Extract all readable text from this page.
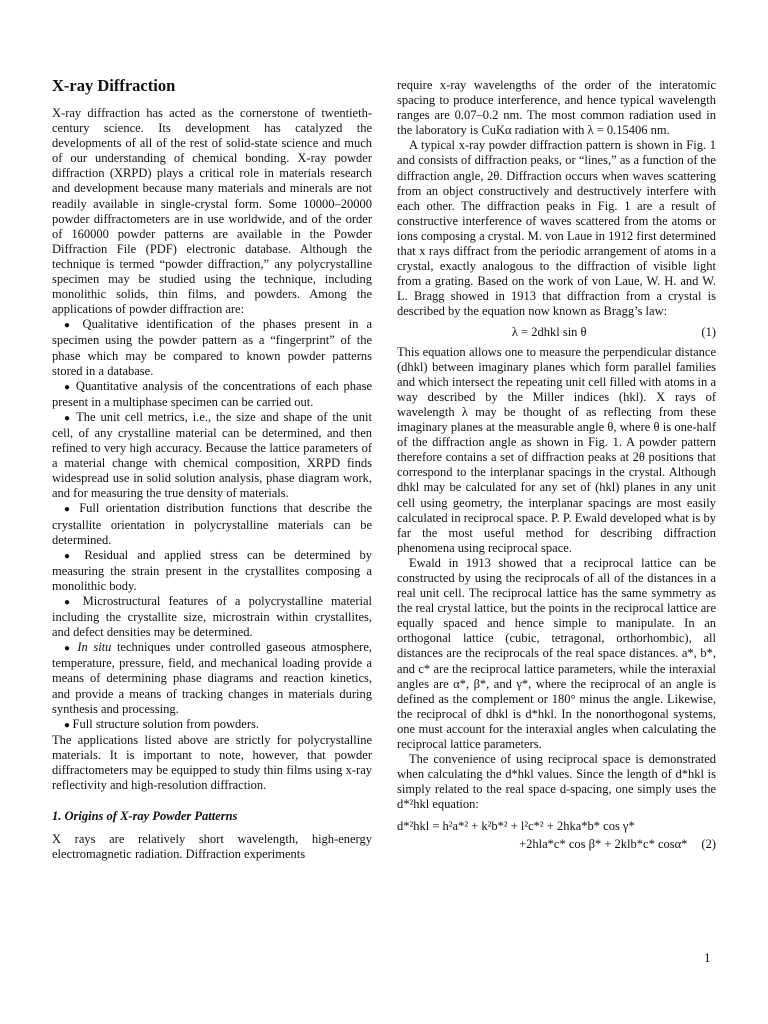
X-ray Diffraction

X-ray diffraction has acted as the cornerstone of twentieth-century science. Its development has catalyzed the developments of all of the rest of solid-state science and much of our understanding of chemical bonding. X-ray powder diffraction (XRPD) plays a critical role in materials research and development because many materials and minerals are not readily available in single-crystal form. Some 10000–20000 powder diffractometers are in use worldwide, and of the order of 160000 powder patterns are available in the Powder Diffraction File (PDF) electronic database. Although the technique is termed “powder diffraction,” any polycrystalline specimen may be studied using the technique, including monolithic solids, thin films, and powders. Among the applications of powder diffraction are:

● Qualitative identification of the phases present in a specimen using the powder pattern as a “fingerprint” of the phase which may be compared to known powder patterns stored in a database.

● Quantitative analysis of the concentrations of each phase present in a multiphase specimen can be carried out.

● The unit cell metrics, i.e., the size and shape of the unit cell, of any crystalline material can be determined, and then refined to very high accuracy. Because the lattice parameters of a material change with chemical composition, XRPD finds widespread use in solid solution analysis, phase diagram work, and for measuring the true density of materials.

● Full orientation distribution functions that describe the crystallite orientation in polycrystalline materials can be determined.

● Residual and applied stress can be determined by measuring the strain present in the crystallites composing a monolithic body.

● Microstructural features of a polycrystalline material including the crystallite size, microstrain within crystallites, and defect densities may be determined.

● In situ techniques under controlled gaseous atmosphere, temperature, pressure, field, and mechanical loading provide a means of determining phase diagrams and reaction kinetics, and provide a means of tracking changes in materials during synthesis and processing.

● Full structure solution from powders.

The applications listed above are strictly for polycrystalline materials. It is important to note, however, that powder diffractometers may be equipped to study thin films using x-ray reflectivity and high-resolution diffraction.

1. Origins of X-ray Powder Patterns

X rays are relatively short wavelength, high-energy electromagnetic radiation. Diffraction experiments

require x-ray wavelengths of the order of the interatomic spacing to produce interference, and hence typical wavelength ranges are 0.07–0.2 nm. The most common radiation used in the laboratory is CuKα radiation with λ = 0.15406 nm.

A typical x-ray powder diffraction pattern is shown in Fig. 1 and consists of diffraction peaks, or “lines,” as a function of the diffraction angle, 2θ. Diffraction occurs when waves scattering from an object constructively and destructively interfere with each other. The diffraction peaks in Fig. 1 are a result of constructive interference of waves scattered from the atoms or ions composing a crystal. M. von Laue in 1912 first determined that x rays diffract from the periodic arrangement of atoms in a crystal, exactly analogous to the diffraction of visible light from a grating. Based on the work of von Laue, W. H. and W. L. Bragg showed in 1913 that diffraction from a crystal is described by the equation now known as Bragg’s law:

λ = 2dhkl sin θ	(1)

This equation allows one to measure the perpendicular distance (dhkl) between imaginary planes which form parallel families and which intersect the repeating unit cell filled with atoms in a way described by the Miller indices (hkl). X rays of wavelength λ may be thought of as reflecting from these imaginary planes at the measurable angle θ, where θ is one-half of the diffraction angle as shown in Fig. 1. A powder pattern therefore contains a set of diffraction peaks at 2θ positions that correspond to the interplanar spacings in the crystal. Although dhkl may be calculated for any set of (hkl) planes in any unit cell using geometry, the interplanar spacings are most easily calculated in reciprocal space. P. P. Ewald developed what is by far the most useful method for describing diffraction phenomena using reciprocal space.

Ewald in 1913 showed that a reciprocal lattice can be constructed by using the reciprocals of all of the distances in a real unit cell. The reciprocal lattice has the same symmetry as the real crystal lattice, but the points in the reciprocal lattice are equally spaced and hence simple to manipulate. In an orthogonal lattice (cubic, tetragonal, orthorhombic), all distances are the reciprocals of the real space distances. a*, b*, and c* are the reciprocal lattice parameters, while the interaxial angles are α*, β*, and γ*, where the reciprocal of an angle is defined as the complement or 180° minus the angle. Likewise, the reciprocal of dhkl is d*hkl. In the nonorthogonal systems, one must account for the interaxial angles when calculating the reciprocal lattice parameters.

The convenience of using reciprocal space is demonstrated when calculating the d*hkl values. Since the length of d*hkl is simply related to the real space d-spacing, one simply uses the d*²hkl equation:

d*²hkl = h²a*² + k²b*² + l²c*² + 2hka*b* cos γ*
+2hla*c* cos β* + 2klb*c* cosα* (2)
1
